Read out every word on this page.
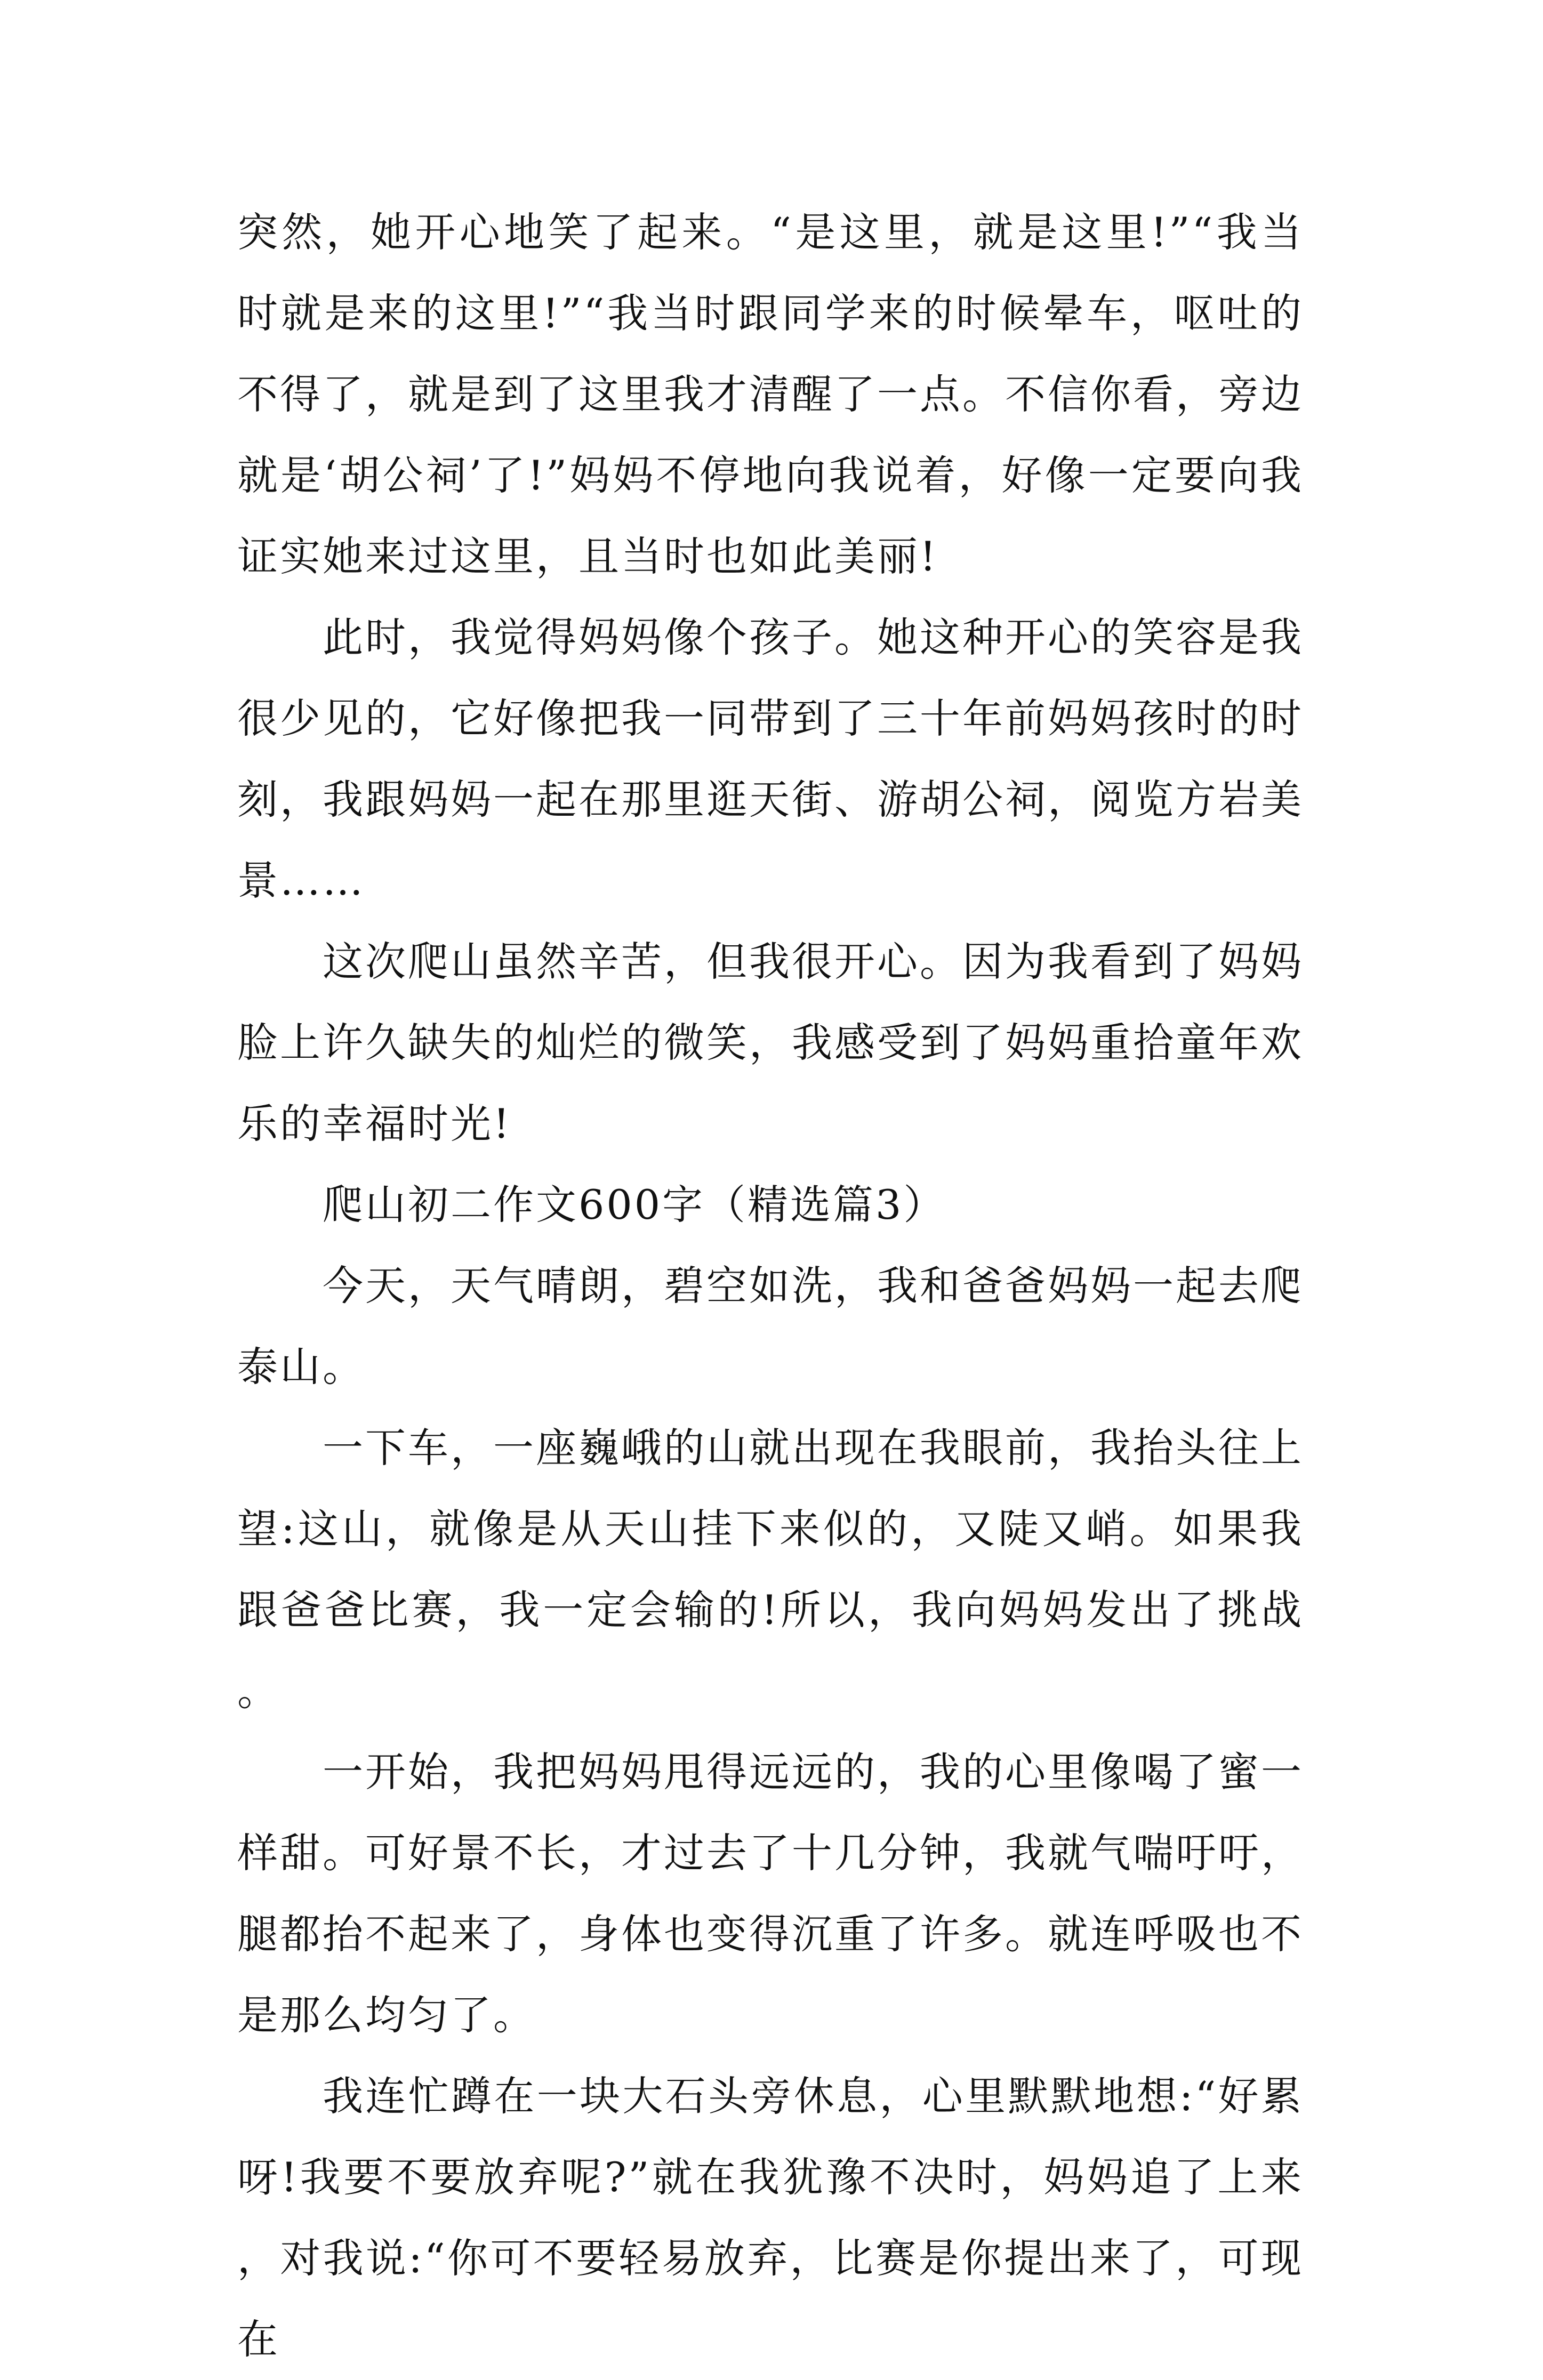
突然，她开心地笑了起来。“是这里，就是这里!”“我当时就是来的这里!”“我当时跟同学来的时候晕车，呕吐的不得了，就是到了这里我才清醒了一点。不信你看，旁边就是‘胡公祠’了!”妈妈不停地向我说着，好像一定要向我证实她来过这里，且当时也如此美丽!

此时，我觉得妈妈像个孩子。她这种开心的笑容是我很少见的，它好像把我一同带到了三十年前妈妈孩时的时刻，我跟妈妈一起在那里逛天街、游胡公祠，阅览方岩美景……

这次爬山虽然辛苦，但我很开心。因为我看到了妈妈脸上许久缺失的灿烂的微笑，我感受到了妈妈重拾童年欢乐的幸福时光!

爬山初二作文600字（精选篇3）

今天，天气晴朗，碧空如洗，我和爸爸妈妈一起去爬泰山。

一下车，一座巍峨的山就出现在我眼前，我抬头往上望:这山，就像是从天山挂下来似的，又陡又峭。如果我跟爸爸比赛，我一定会输的!所以，我向妈妈发出了挑战。

一开始，我把妈妈甩得远远的，我的心里像喝了蜜一样甜。可好景不长，才过去了十几分钟，我就气喘吁吁，腿都抬不起来了，身体也变得沉重了许多。就连呼吸也不是那么均匀了。

我连忙蹲在一块大石头旁休息，心里默默地想:“好累呀!我要不要放弃呢?”就在我犹豫不决时，妈妈追了上来，对我说:“你可不要轻易放弃，比赛是你提出来了，可现在
